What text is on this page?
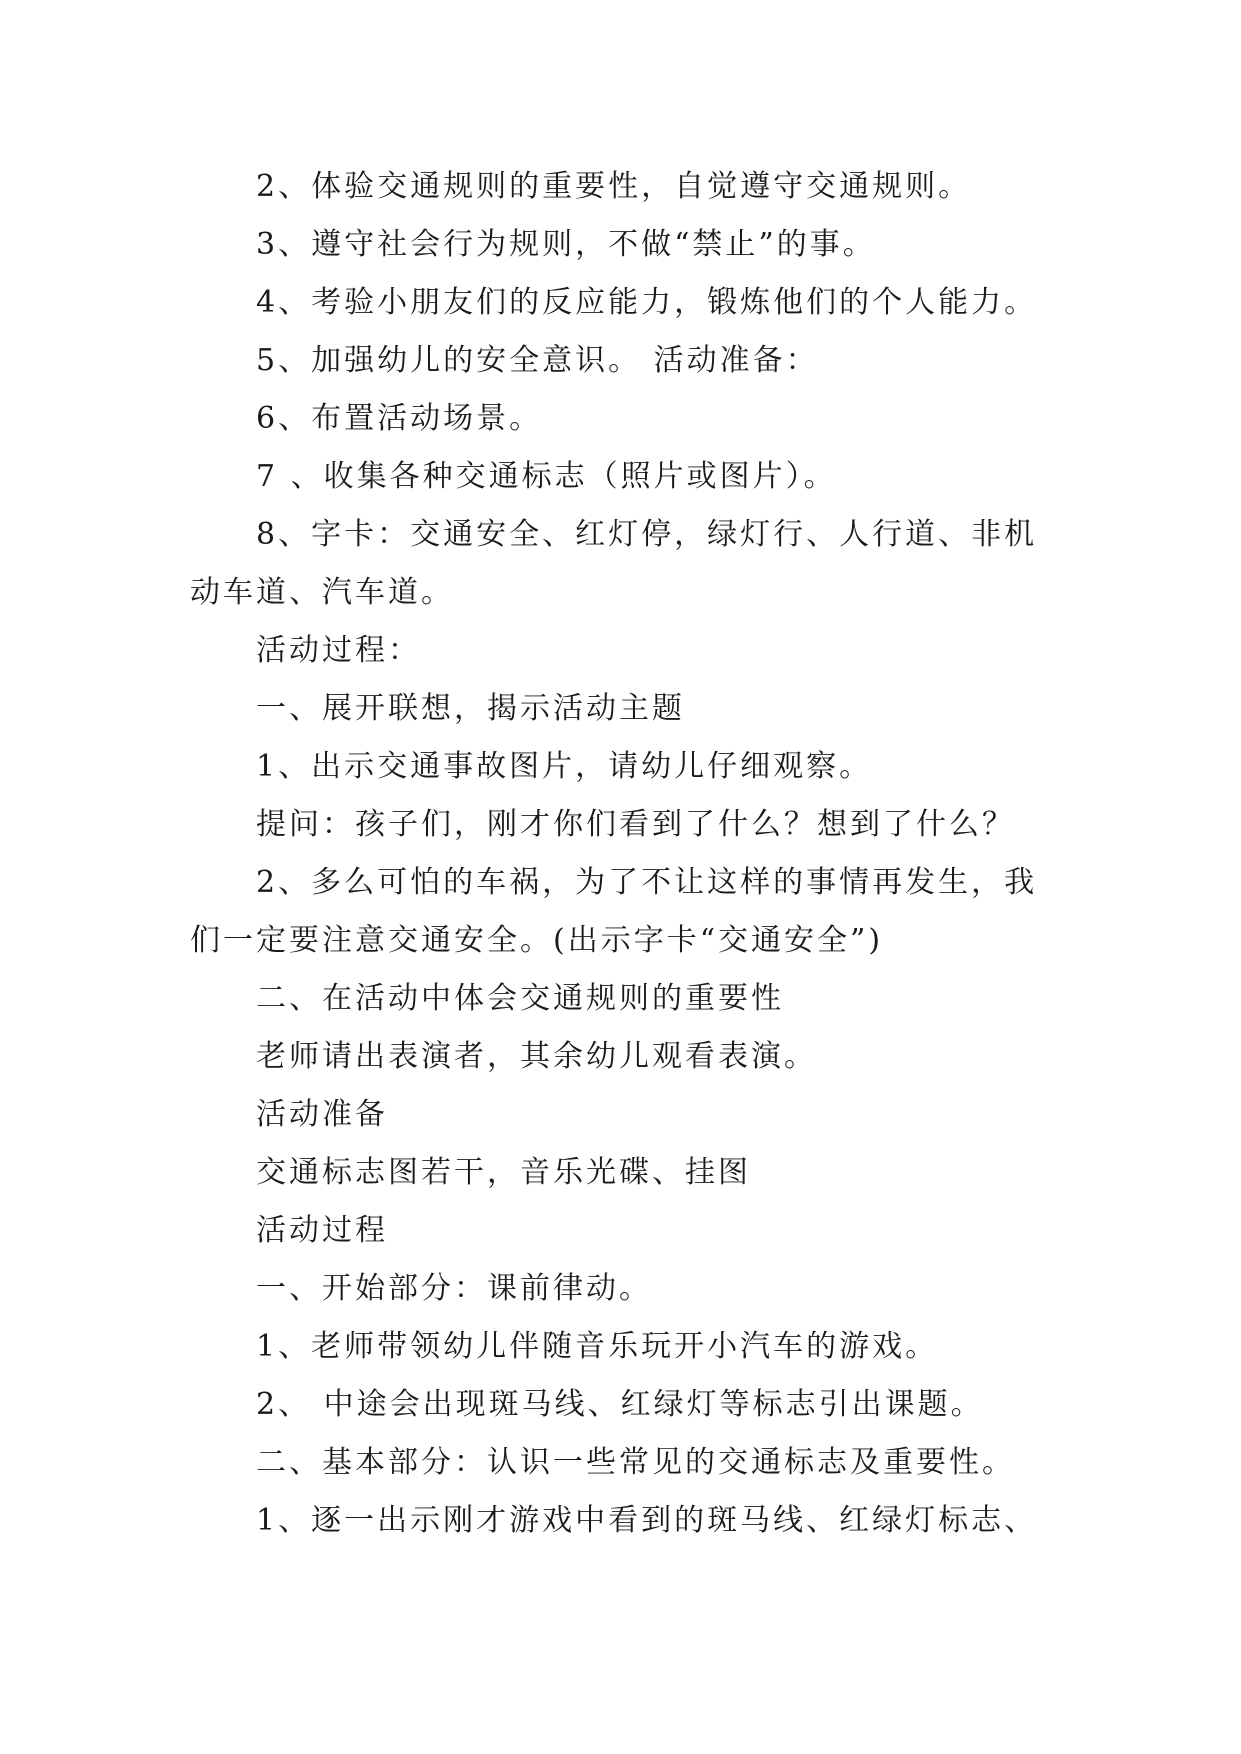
2、体验交通规则的重要性，自觉遵守交通规则。

3、遵守社会行为规则，不做“禁止”的事。

4、考验小朋友们的反应能力，锻炼他们的个人能力。

5、加强幼儿的安全意识。 活动准备：

6、布置活动场景。

7 、收集各种交通标志（照片或图片）。

8、字卡：交通安全、红灯停，绿灯行、人行道、非机动车道、汽车道。

活动过程：

一、展开联想，揭示活动主题

1、出示交通事故图片，请幼儿仔细观察。

提问：孩子们，刚才你们看到了什么？想到了什么？

2、多么可怕的车祸，为了不让这样的事情再发生，我们一定要注意交通安全。(出示字卡“交通安全”)

二、在活动中体会交通规则的重要性

老师请出表演者，其余幼儿观看表演。

活动准备

交通标志图若干，音乐光碟、挂图

活动过程

一、开始部分：课前律动。

1、老师带领幼儿伴随音乐玩开小汽车的游戏。

2、 中途会出现斑马线、红绿灯等标志引出课题。

二、基本部分：认识一些常见的交通标志及重要性。

1、逐一出示刚才游戏中看到的斑马线、红绿灯标志、
